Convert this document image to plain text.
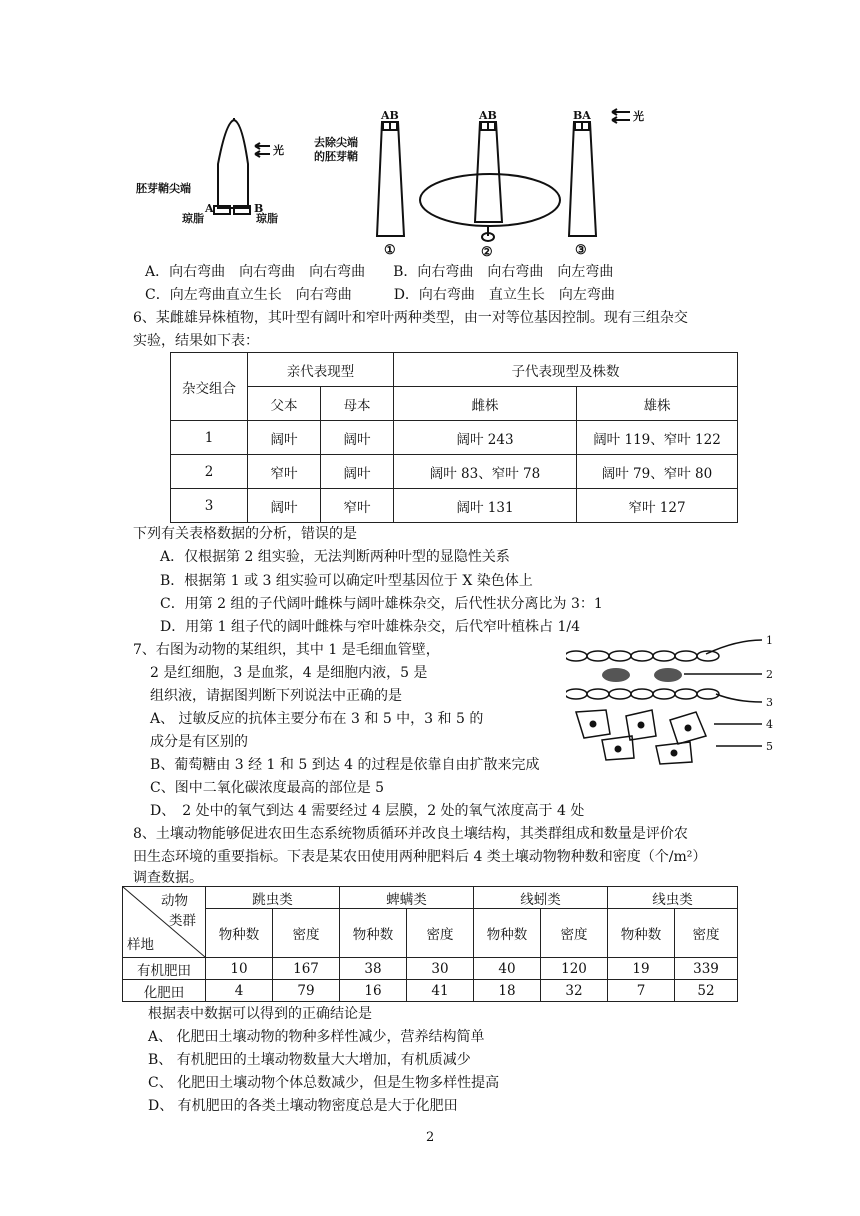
胚芽鞘尖端
光
A	B
琼脂	琼脂
去除尖端
的胚芽鞘
AB	AB	BA	光
①	②	③
A．向右弯曲　向右弯曲　向右弯曲　　B．向右弯曲　向右弯曲　向左弯曲
C．向左弯曲直立生长　向右弯曲　　　D．向右弯曲　直立生长　向左弯曲
6、某雌雄异株植物，其叶型有阔叶和窄叶两种类型，由一对等位基因控制。现有三组杂交
实验，结果如下表：
杂交组合	亲代表现型		子代表现型及株数	
	父本	母本	雌株	雄株
1	阔叶	阔叶	阔叶 243	阔叶 119、窄叶 122
2	窄叶	阔叶	阔叶 83、窄叶 78	阔叶 79、窄叶 80
3	阔叶	窄叶	阔叶 131	窄叶 127
下列有关表格数据的分析，错误的是
A．仅根据第 2 组实验，无法判断两种叶型的显隐性关系
B．根据第 1 或 3 组实验可以确定叶型基因位于 X 染色体上
C．用第 2 组的子代阔叶雌株与阔叶雄株杂交，后代性状分离比为 3：1
D．用第 1 组子代的阔叶雌株与窄叶雄株杂交，后代窄叶植株占 1/4
7、右图为动物的某组织，其中 1 是毛细血管壁，
2 是红细胞，3 是血浆，4 是细胞内液，5 是
组织液，请据图判断下列说法中正确的是
A、 过敏反应的抗体主要分布在 3 和 5 中，3 和 5 的
成分是有区别的
B、葡萄糖由 3 经 1 和 5 到达 4 的过程是依靠自由扩散来完成
C、图中二氧化碳浓度最高的部位是 5
D、　2 处中的氧气到达 4 需要经过 4 层膜，2 处的氧气浓度高于 4 处
1
2
3
4
5
8、土壤动物能够促进农田生态系统物质循环并改良土壤结构，其类群组成和数量是评价农
田生态环境的重要指标。下表是某农田使用两种肥料后 4 类土壤动物物种数和密度（个/m²）
调查数据。
动物
类群
样地	跳虫类		蜱螨类		线蚓类		线虫类	
	物种数	密度	物种数	密度	物种数	密度	物种数	密度
有机肥田	10	167	38	30	40	120	19	339
化肥田	4	79	16	41	18	32	7	52
根据表中数据可以得到的正确结论是
A、 化肥田土壤动物的物种多样性减少，营养结构简单
B、 有机肥田的土壤动物数量大大增加，有机质减少
C、 化肥田土壤动物个体总数减少，但是生物多样性提高
D、 有机肥田的各类土壤动物密度总是大于化肥田
2
